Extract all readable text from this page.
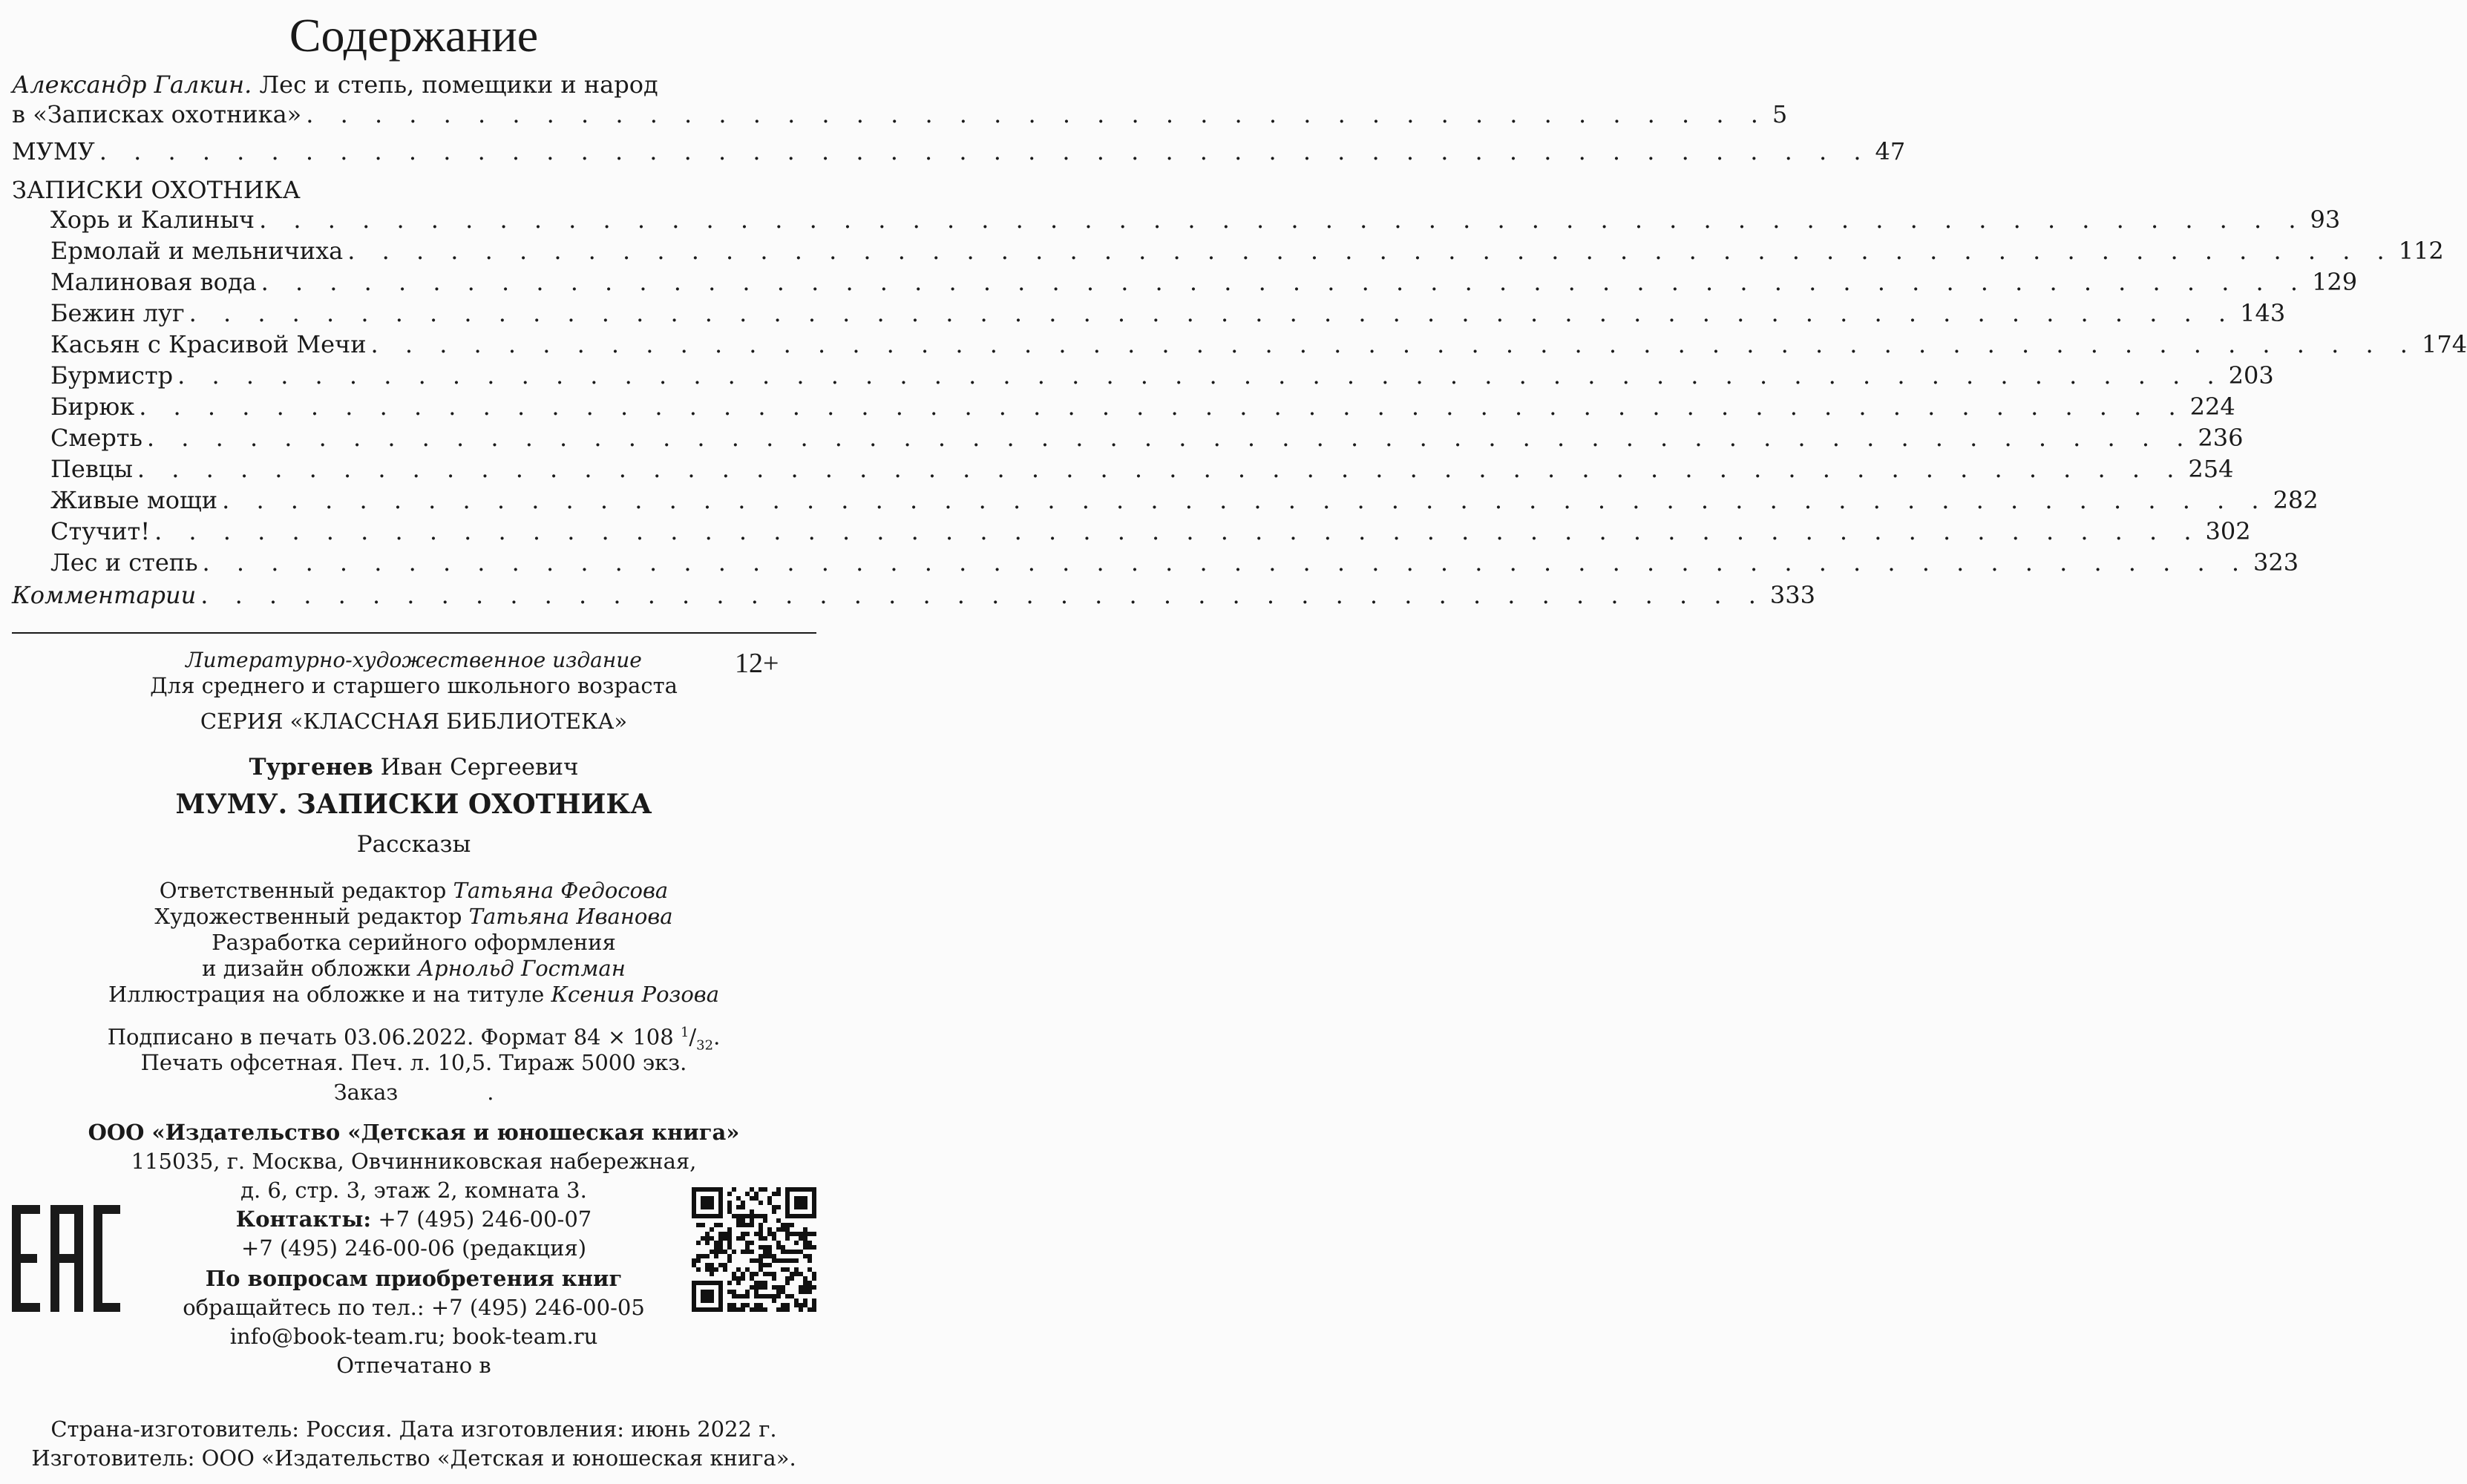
Содержание
Александр Галкин. Лес и степь, помещики и народ
в «Записках охотника» . . . . . . . . . . . . . . . . . . . . . . . . . . . . . . . . . . . . . . . . . . . 5
МУМУ . . . . . . . . . . . . . . . . . . . . . . . . . . . . . . . . . . . . . . . . . . . . . . . . . . . . 47
ЗАПИСКИ ОХОТНИКА
Хорь и Калиныч . . . . . . . . . . . . . . . . . . . . . . . . . . . . . . . . . . . . . . . . . . . . . . . . . . . . . . . . . . . . 93
Ермолай и мельничиха . . . . . . . . . . . . . . . . . . . . . . . . . . . . . . . . . . . . . . . . . . . . . . . . . . . . . . . . . . . . 112
Малиновая вода . . . . . . . . . . . . . . . . . . . . . . . . . . . . . . . . . . . . . . . . . . . . . . . . . . . . . . . . . . . . 129
Бежин луг . . . . . . . . . . . . . . . . . . . . . . . . . . . . . . . . . . . . . . . . . . . . . . . . . . . . . . . . . . . . 143
Касьян с Красивой Мечи . . . . . . . . . . . . . . . . . . . . . . . . . . . . . . . . . . . . . . . . . . . . . . . . . . . . . . . . . . . . 174
Бурмистр . . . . . . . . . . . . . . . . . . . . . . . . . . . . . . . . . . . . . . . . . . . . . . . . . . . . . . . . . . . . 203
Бирюк . . . . . . . . . . . . . . . . . . . . . . . . . . . . . . . . . . . . . . . . . . . . . . . . . . . . . . . . . . . . 224
Смерть . . . . . . . . . . . . . . . . . . . . . . . . . . . . . . . . . . . . . . . . . . . . . . . . . . . . . . . . . . . . 236
Певцы . . . . . . . . . . . . . . . . . . . . . . . . . . . . . . . . . . . . . . . . . . . . . . . . . . . . . . . . . . . . 254
Живые мощи . . . . . . . . . . . . . . . . . . . . . . . . . . . . . . . . . . . . . . . . . . . . . . . . . . . . . . . . . . . . 282
Стучит! . . . . . . . . . . . . . . . . . . . . . . . . . . . . . . . . . . . . . . . . . . . . . . . . . . . . . . . . . . . . 302
Лес и степь . . . . . . . . . . . . . . . . . . . . . . . . . . . . . . . . . . . . . . . . . . . . . . . . . . . . . . . . . . . . 323
Комментарии . . . . . . . . . . . . . . . . . . . . . . . . . . . . . . . . . . . . . . . . . . . . . . 333
Литературно-художественное издание	12+
Для среднего и старшего школьного возраста
СЕРИЯ «КЛАССНАЯ БИБЛИОТЕКА»
Тургенев Иван Сергеевич
МУМУ. ЗАПИСКИ ОХОТНИКА
Рассказы
Ответственный редактор Татьяна Федосова
Художественный редактор Татьяна Иванова
Разработка серийного оформления
и дизайн обложки Арнольд Гостман
Иллюстрация на обложке и на титуле Ксения Розова
Подписано в печать 03.06.2022. Формат 84 × 108 $^1/_{32}$.
Печать офсетная. Печ. л. 10,5. Тираж 5000 экз.
Заказ	.
ООО «Издательство «Детская и юношеская книга»
115035, г. Москва, Овчинниковская набережная,
д. 6, стр. 3, этаж 2, комната 3.
Контакты: +7 (495) 246-00-07
+7 (495) 246-00-06 (редакция)
По вопросам приобретения книг
обращайтесь по тел.: +7 (495) 246-00-05
info@book-team.ru; book-team.ru
Отпечатано в
Страна-изготовитель: Россия. Дата изготовления: июнь 2022 г.
Изготовитель: ООО «Издательство «Детская и юношеская книга».
